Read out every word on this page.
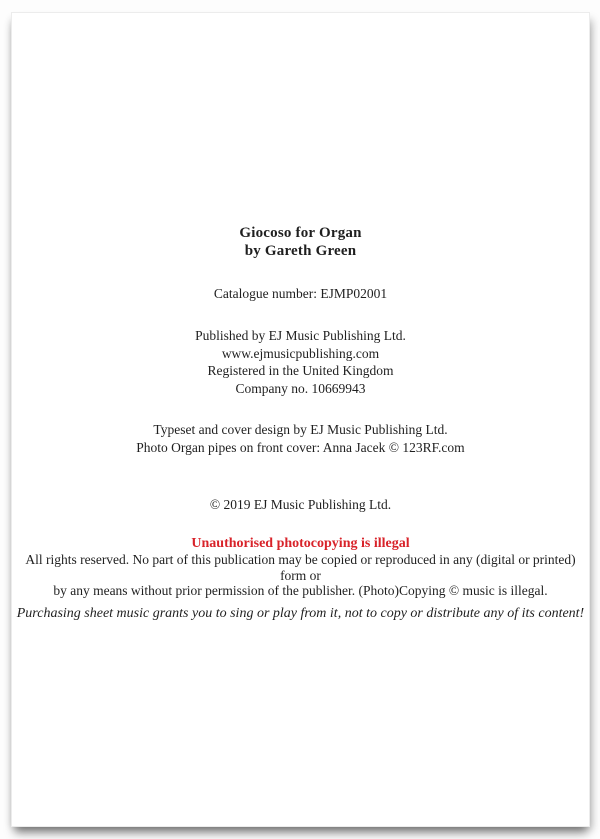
Giocoso for Organ
by Gareth Green
Catalogue number: EJMP02001
Published by EJ Music Publishing Ltd.
www.ejmusicpublishing.com
Registered in the United Kingdom
Company no. 10669943
Typeset and cover design by EJ Music Publishing Ltd.
Photo Organ pipes on front cover: Anna Jacek © 123RF.com
© 2019 EJ Music Publishing Ltd.
Unauthorised photocopying is illegal
All rights reserved. No part of this publication may be copied or reproduced in any (digital or printed) form or
by any means without prior permission of the publisher. (Photo)Copying © music is illegal.
Purchasing sheet music grants you to sing or play from it, not to copy or distribute any of its content!
